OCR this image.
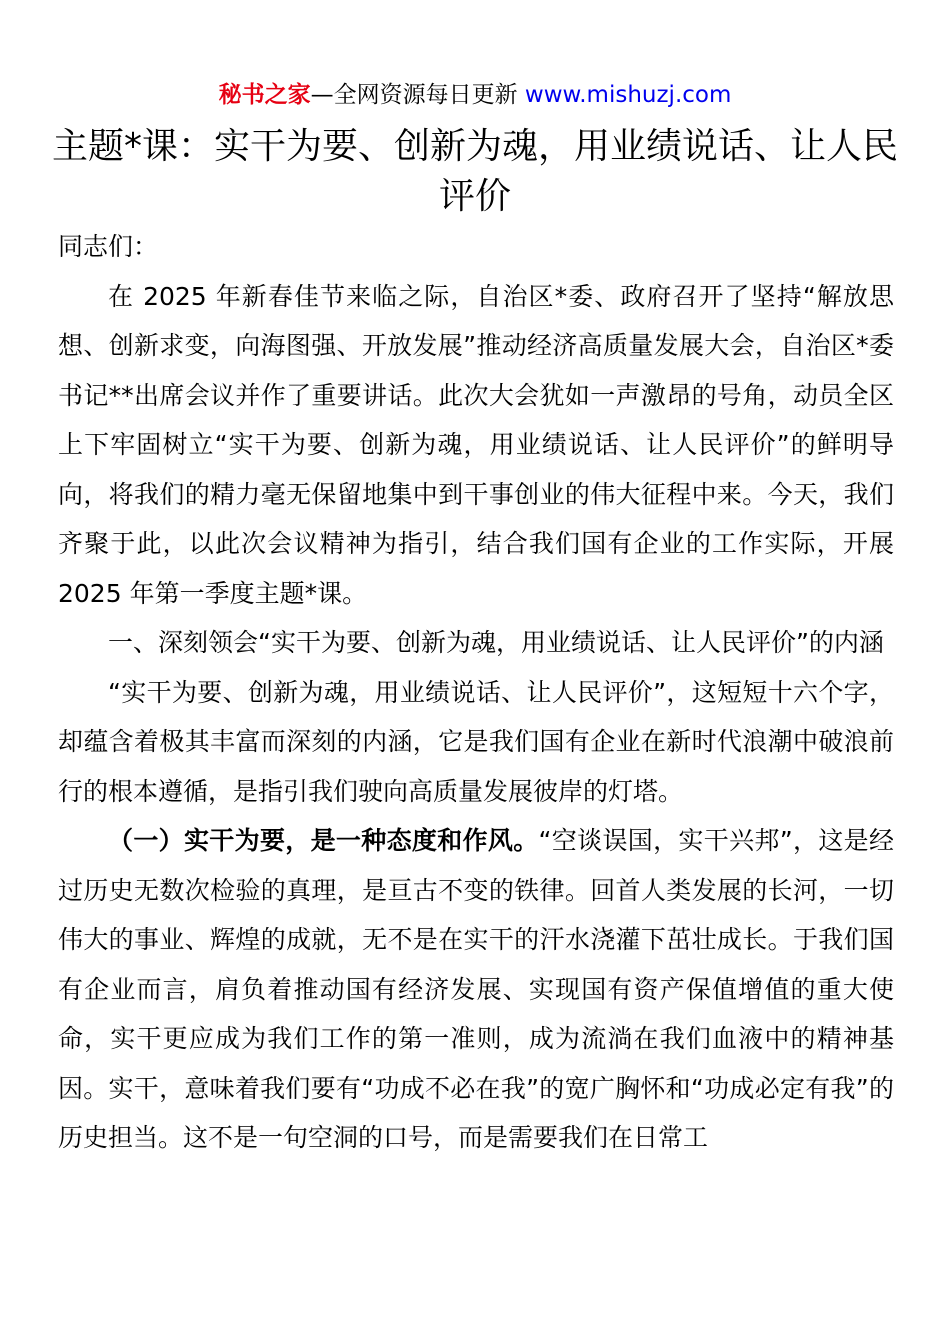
秘书之家—全网资源每日更新 www.mishuzj.com
主题*课：实干为要、创新为魂，用业绩说话、让人民评价

同志们：

在 2025 年新春佳节来临之际，自治区*委、政府召开了坚持“解放思想、创新求变，向海图强、开放发展”推动经济高质量发展大会，自治区*委书记**出席会议并作了重要讲话。此次大会犹如一声激昂的号角，动员全区上下牢固树立“实干为要、创新为魂，用业绩说话、让人民评价”的鲜明导向，将我们的精力毫无保留地集中到干事创业的伟大征程中来。今天，我们齐聚于此，以此次会议精神为指引，结合我们国有企业的工作实际，开展 2025 年第一季度主题*课。

一、深刻领会“实干为要、创新为魂，用业绩说话、让人民评价”的内涵

“实干为要、创新为魂，用业绩说话、让人民评价”，这短短十六个字，却蕴含着极其丰富而深刻的内涵，它是我们国有企业在新时代浪潮中破浪前行的根本遵循，是指引我们驶向高质量发展彼岸的灯塔。

（一）实干为要，是一种态度和作风。“空谈误国，实干兴邦”，这是经过历史无数次检验的真理，是亘古不变的铁律。回首人类发展的长河，一切伟大的事业、辉煌的成就，无不是在实干的汗水浇灌下茁壮成长。于我们国有企业而言，肩负着推动国有经济发展、实现国有资产保值增值的重大使命，实干更应成为我们工作的第一准则，成为流淌在我们血液中的精神基因。实干，意味着我们要有“功成不必在我”的宽广胸怀和“功成必定有我”的历史担当。这不是一句空洞的口号，而是需要我们在日常工
